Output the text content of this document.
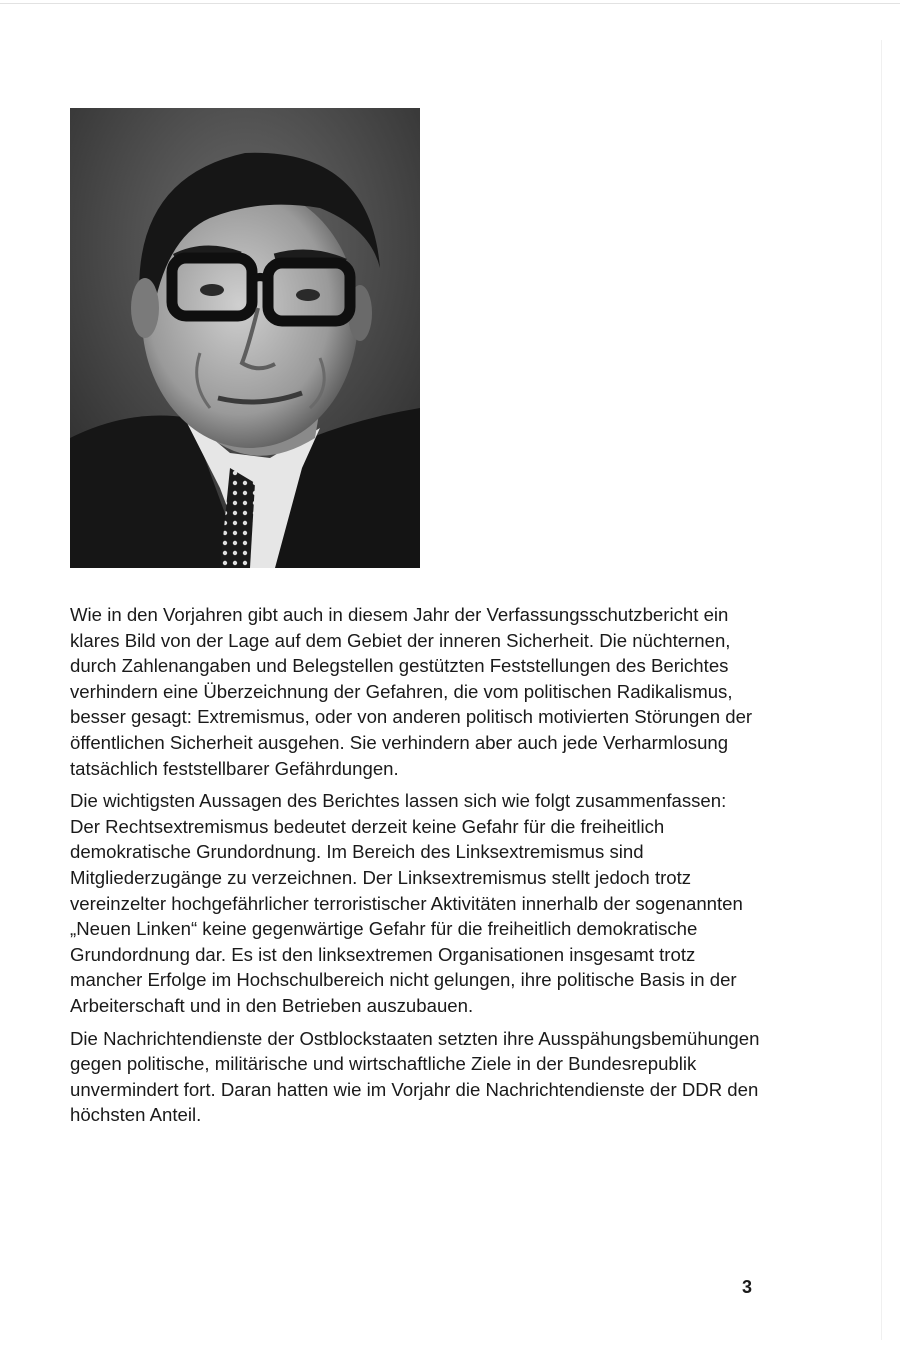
Wie in den Vorjahren gibt auch in diesem Jahr der Verfassungsschutzbericht ein klares Bild von der Lage auf dem Gebiet der inneren Sicherheit. Die nüchternen, durch Zahlenangaben und Belegstellen gestützten Feststellungen des Berichtes verhindern eine Überzeichnung der Gefahren, die vom politischen Radikalismus, besser gesagt: Extremismus, oder von anderen politisch motivierten Störungen der öffentlichen Sicherheit ausgehen. Sie verhindern aber auch jede Verharmlosung tatsächlich feststellbarer Gefährdungen.

Die wichtigsten Aussagen des Berichtes lassen sich wie folgt zusammenfassen:

Der Rechtsextremismus bedeutet derzeit keine Gefahr für die freiheitlich demokratische Grundordnung. Im Bereich des Linksextremismus sind Mitgliederzugänge zu verzeichnen. Der Linksextremismus stellt jedoch trotz vereinzelter hochgefährlicher terroristischer Aktivitäten innerhalb der sogenannten „Neuen Linken“ keine gegenwärtige Gefahr für die freiheitlich demokratische Grundordnung dar. Es ist den linksextremen Organisationen insgesamt trotz mancher Erfolge im Hochschulbereich nicht gelungen, ihre politische Basis in der Arbeiterschaft und in den Betrieben auszubauen.

Die Nachrichtendienste der Ostblockstaaten setzten ihre Ausspähungsbemühungen gegen politische, militärische und wirtschaftliche Ziele in der Bundesrepublik unvermindert fort. Daran hatten wie im Vorjahr die Nachrichtendienste der DDR den höchsten Anteil.

3
